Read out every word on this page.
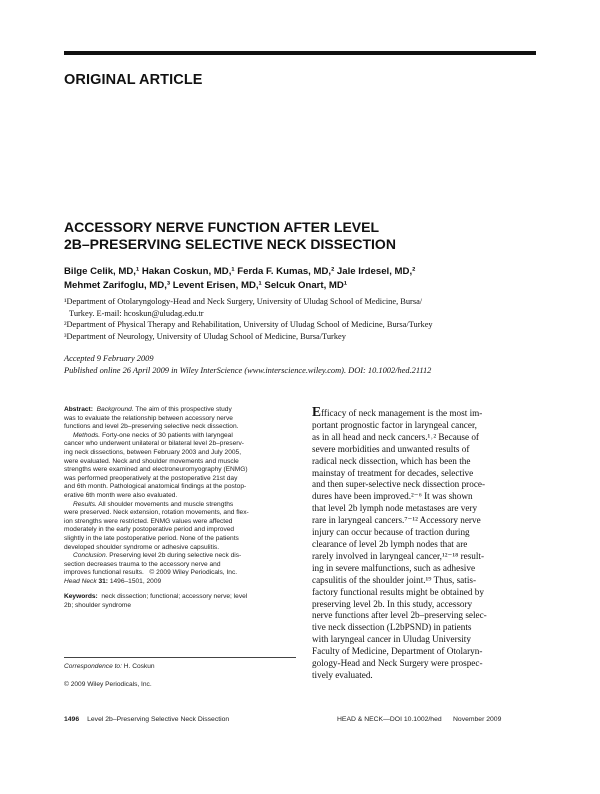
ORIGINAL ARTICLE
ACCESSORY NERVE FUNCTION AFTER LEVEL
2B–PRESERVING SELECTIVE NECK DISSECTION
Bilge Celik, MD,¹ Hakan Coskun, MD,¹ Ferda F. Kumas, MD,² Jale Irdesel, MD,²
Mehmet Zarifoglu, MD,³ Levent Erisen, MD,¹ Selcuk Onart, MD¹
¹Department of Otolaryngology-Head and Neck Surgery, University of Uludag School of Medicine, Bursa/
Turkey. E-mail: hcoskun@uludag.edu.tr
²Department of Physical Therapy and Rehabilitation, University of Uludag School of Medicine, Bursa/Turkey
³Department of Neurology, University of Uludag School of Medicine, Bursa/Turkey
Accepted 9 February 2009
Published online 26 April 2009 in Wiley InterScience (www.interscience.wiley.com). DOI: 10.1002/hed.21112

Abstract: Background. The aim of this prospective study
was to evaluate the relationship between accessory nerve
functions and level 2b–preserving selective neck dissection.
Methods. Forty-one necks of 30 patients with laryngeal
cancer who underwent unilateral or bilateral level 2b–preserv-
ing neck dissections, between February 2003 and July 2005,
were evaluated. Neck and shoulder movements and muscle
strengths were examined and electroneuromyography (ENMG)
was performed preoperatively at the postoperative 21st day
and 6th month. Pathological anatomical findings at the postop-
erative 6th month were also evaluated.
Results. All shoulder movements and muscle strengths
were preserved. Neck extension, rotation movements, and flex-
ion strengths were restricted. ENMG values were affected
moderately in the early postoperative period and improved
slightly in the late postoperative period. None of the patients
developed shoulder syndrome or adhesive capsulitis.
Conclusion. Preserving level 2b during selective neck dis-
section decreases trauma to the accessory nerve and
improves functional results. © 2009 Wiley Periodicals, Inc.
Head Neck 31: 1496–1501, 2009

Keywords: neck dissection; functional; accessory nerve; level
2b; shoulder syndrome

Correspondence to: H. Coskun
© 2009 Wiley Periodicals, Inc.
Efficacy of neck management is the most im-
portant prognostic factor in laryngeal cancer,
as in all head and neck cancers.¹˒² Because of
severe morbidities and unwanted results of
radical neck dissection, which has been the
mainstay of treatment for decades, selective
and then super-selective neck dissection proce-
dures have been improved.²⁻⁶ It was shown
that level 2b lymph node metastases are very
rare in laryngeal cancers.⁷⁻¹² Accessory nerve
injury can occur because of traction during
clearance of level 2b lymph nodes that are
rarely involved in laryngeal cancer,¹²⁻¹⁸ result-
ing in severe malfunctions, such as adhesive
capsulitis of the shoulder joint.¹⁹ Thus, satis-
factory functional results might be obtained by
preserving level 2b. In this study, accessory
nerve functions after level 2b–preserving selec-
tive neck dissection (L2bPSND) in patients
with laryngeal cancer in Uludag University
Faculty of Medicine, Department of Otolaryn-
gology-Head and Neck Surgery were prospec-
tively evaluated.
1496 Level 2b–Preserving Selective Neck Dissection	HEAD & NECK—DOI 10.1002/hed November 2009
